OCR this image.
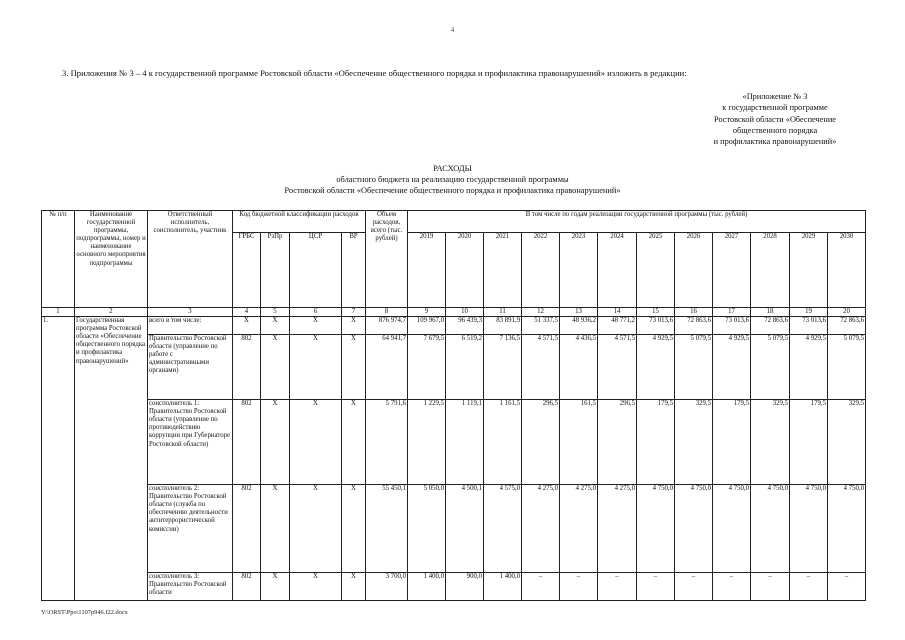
4
3. Приложения № 3 – 4 к государственной программе Ростовской области «Обеспечение общественного порядка и профилактика правонарушений» изложить в редакции:
«Приложение № 3
к государственной программе
Ростовской области «Обеспечение
общественного порядка
и профилактика правонарушений»
РАСХОДЫ
областного бюджета на реализацию государственной программы
Ростовской области «Обеспечение общественного порядка и профилактика правонарушений»
№ п/п	Наименование государственной программы, подпрограммы, номер и наименование основного мероприятия подпрограммы	Ответственный исполнитель, соисполнитель, участник	Код бюджетной классификации расходов				Объем расходов, всего (тыс. рублей)	В том числе по годам реализации государственной программы (тыс. рублей)											
			ГРБС	РзПр	ЦСР	ВР		2019	2020	2021	2022	2023	2024	2025	2026	2027	2028	2029	2030
1	2	3	4	5	6	7	8	9	10	11	12	13	14	15	16	17	18	19	20
1.	Государственная программа Ростовской области «Обеспечение общественного порядка и профилактика правонарушений»	всего в том числе:	X	X	X	X	876 974,7	109 967,0	96 439,3	83 891,9	51 337,5	48 936,2	48 771,2	73 013,6	72 863,6	73 013,6	72 863,6	73 013,6	72 863,6
		Правительство Ростовской области (управление по работе с административными органами)	802	X	X	X	64 941,7	7 679,5	6 519,2	7 136,5	4 571,5	4 436,5	4 571,5	4 929,5	5 079,5	4 929,5	5 079,5	4 929,5	5 079,5
		соисполнитель 1: Правительство Ростовской области (управление по противодействию коррупции при Губернаторе Ростовской области)	802	X	X	X	5 791,6	1 229,5	1 119,1	1 161,5	296,5	161,5	296,5	179,5	329,5	179,5	329,5	179,5	329,5
		соисполнитель 2: Правительство Ростовской области (служба по обеспечению деятельности антитеррористической комиссии)	802	X	X	X	55 450,1	5 050,0	4 500,1	4 575,0	4 275,0	4 275,0	4 275,0	4 750,0	4 750,0	4 750,0	4 750,0	4 750,0	4 750,0
		соисполнитель 3: Правительство Ростовской области	802	X	X	X	3 700,0	1 400,0	900,0	1 400,0	–	–	–	–	–	–	–	–	–
Y:\ORST\Ppo\1107p946.f22.docx
